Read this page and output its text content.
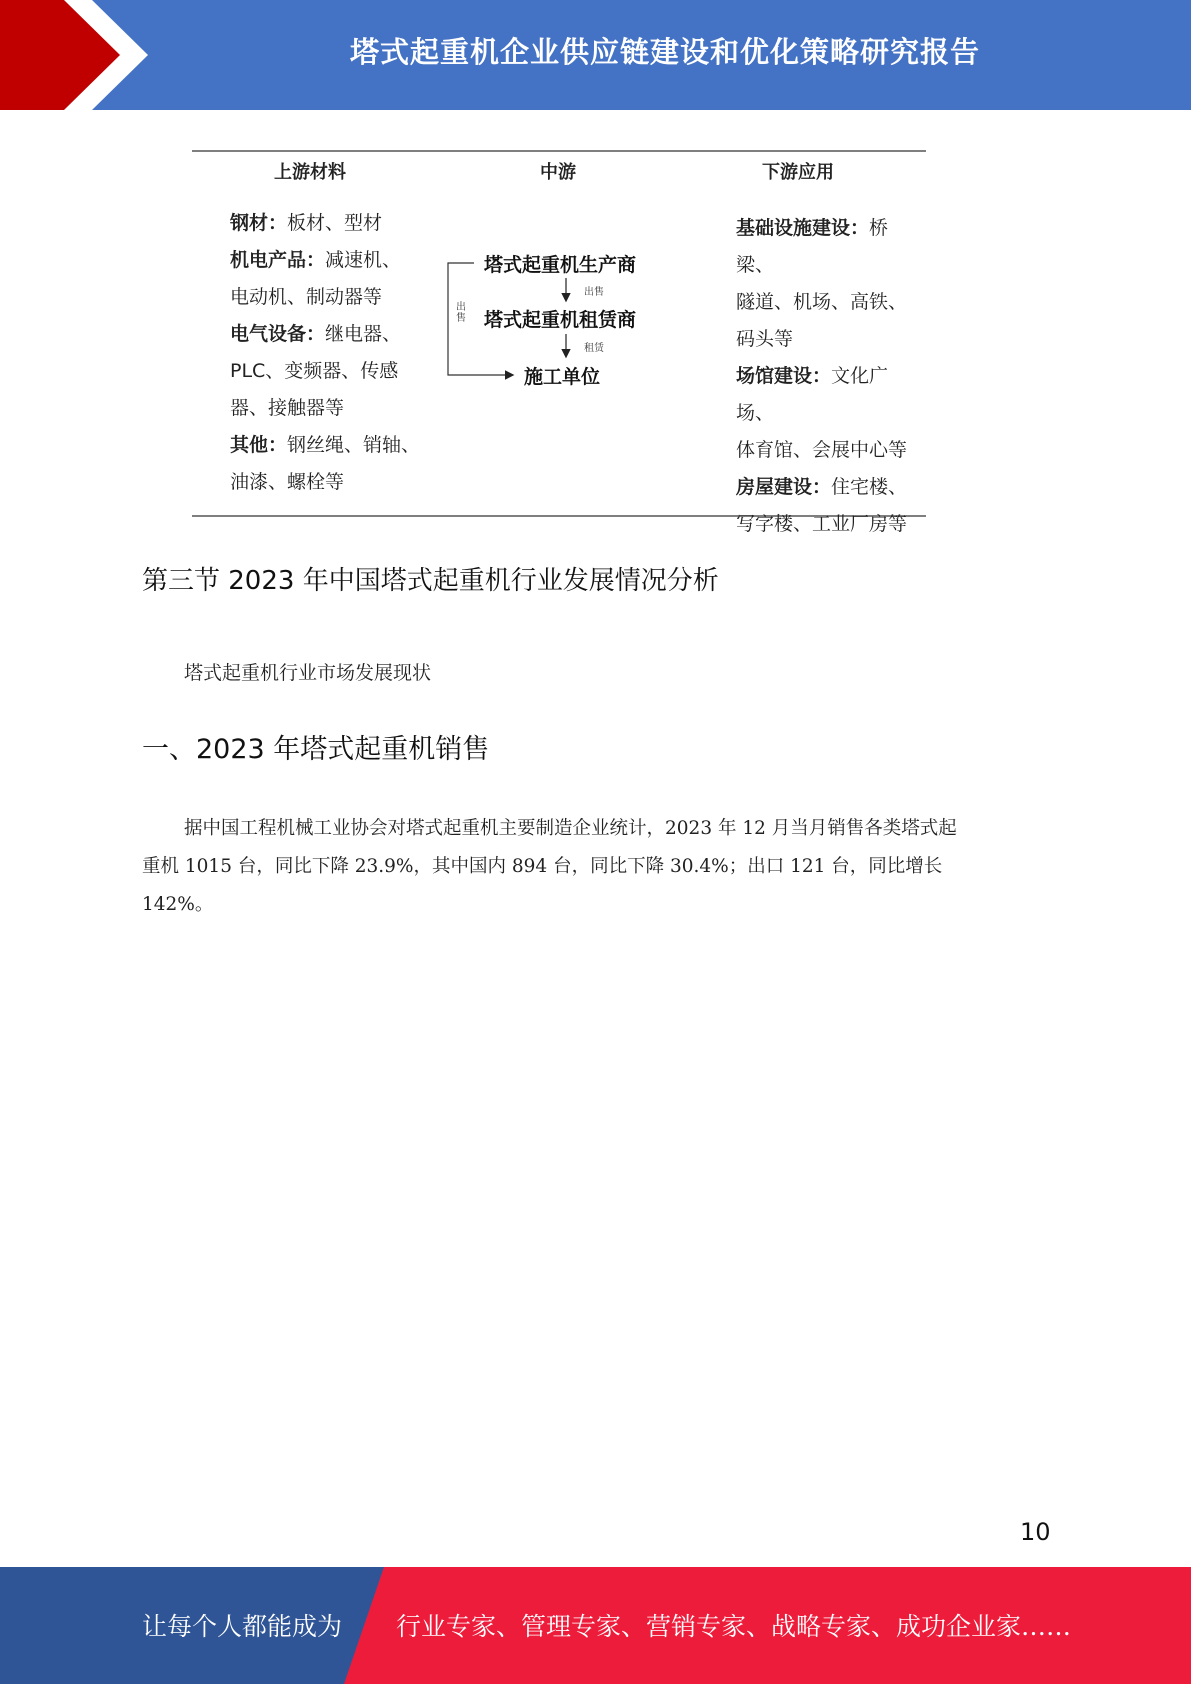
塔式起重机企业供应链建设和优化策略研究报告
上游材料	中游	下游应用
钢材：板材、型材
机电产品：减速机、
电动机、制动器等
电气设备：继电器、
PLC、变频器、传感
器、接触器等
其他：钢丝绳、销轴、
油漆、螺栓等
塔式起重机生产商
出售
塔式起重机租赁商
租赁
施工单位
出售
基础设施建设：桥梁、
隧道、机场、高铁、
码头等
场馆建设：文化广场、
体育馆、会展中心等
房屋建设：住宅楼、
写字楼、工业厂房等
第三节 2023 年中国塔式起重机行业发展情况分析
塔式起重机行业市场发展现状
一、2023 年塔式起重机销售
据中国工程机械工业协会对塔式起重机主要制造企业统计，2023 年 12 月当月销售各类塔式起
重机 1015 台，同比下降 23.9%，其中国内 894 台，同比下降 30.4%；出口 121 台，同比增长
142%。
10
让每个人都能成为 行业专家、管理专家、营销专家、战略专家、成功企业家……
